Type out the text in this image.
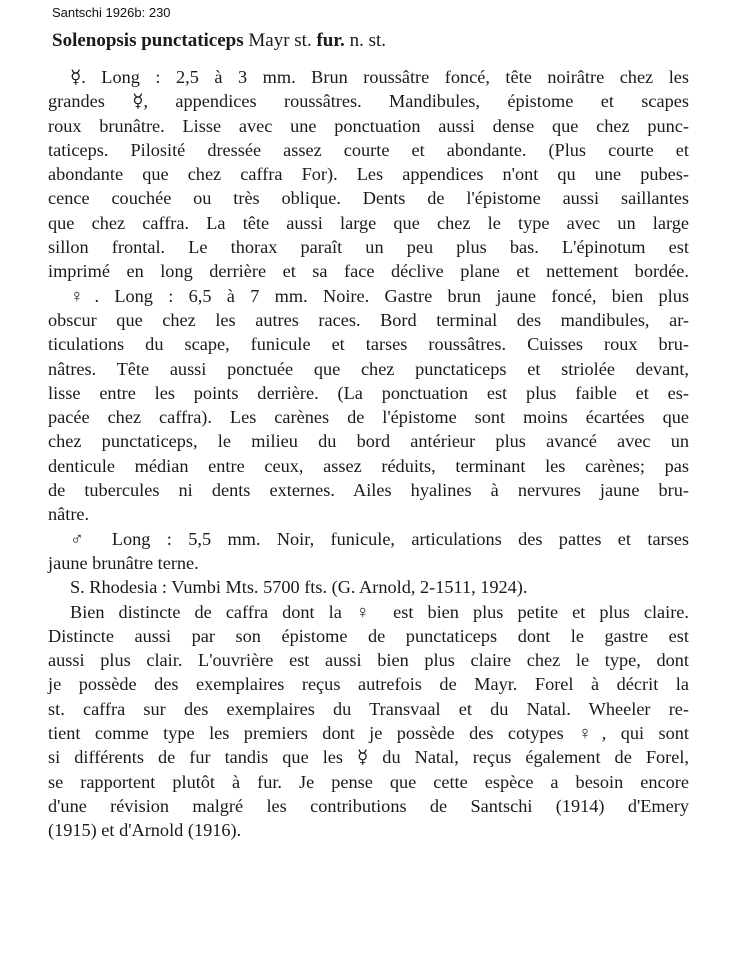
Santschi 1926b: 230
Solenopsis punctaticeps Mayr st. fur. n. st.
☿. Long : 2,5 à 3 mm. Brun roussâtre foncé, tête noirâtre chez les
grandes ☿, appendices roussâtres. Mandibules, épistome et scapes
roux brunâtre. Lisse avec une ponctuation aussi dense que chez punc-
taticeps. Pilosité dressée assez courte et abondante. (Plus courte et
abondante que chez caffra For). Les appendices n'ont qu une pubes-
cence couchée ou très oblique. Dents de l'épistome aussi saillantes
que chez caffra. La tête aussi large que chez le type avec un large
sillon frontal. Le thorax paraît un peu plus bas. L'épinotum est
imprimé en long derrière et sa face déclive plane et nettement bordée.
♀. Long : 6,5 à 7 mm. Noire. Gastre brun jaune foncé, bien plus
obscur que chez les autres races. Bord terminal des mandibules, ar-
ticulations du scape, funicule et tarses roussâtres. Cuisses roux bru-
nâtres. Tête aussi ponctuée que chez punctaticeps et striolée devant,
lisse entre les points derrière. (La ponctuation est plus faible et es-
pacée chez caffra). Les carènes de l'épistome sont moins écartées que
chez punctaticeps, le milieu du bord antérieur plus avancé avec un
denticule médian entre ceux, assez réduits, terminant les carènes; pas
de tubercules ni dents externes. Ailes hyalines à nervures jaune bru-
nâtre.
♂ Long : 5,5 mm. Noir, funicule, articulations des pattes et tarses
jaune brunâtre terne.
S. Rhodesia : Vumbi Mts. 5700 fts. (G. Arnold, 2-1511, 1924).
Bien distincte de caffra dont la ♀ est bien plus petite et plus claire.
Distincte aussi par son épistome de punctaticeps dont le gastre est
aussi plus clair. L'ouvrière est aussi bien plus claire chez le type, dont
je possède des exemplaires reçus autrefois de Mayr. Forel à décrit la
st. caffra sur des exemplaires du Transvaal et du Natal. Wheeler re-
tient comme type les premiers dont je possède des cotypes ♀, qui sont
si différents de fur tandis que les ☿ du Natal, reçus également de Forel,
se rapportent plutôt à fur. Je pense que cette espèce a besoin encore
d'une révision malgré les contributions de Santschi (1914) d'Emery
(1915) et d'Arnold (1916).
